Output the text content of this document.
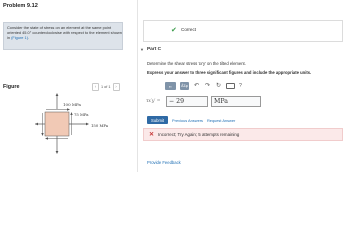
Problem 9.12
Consider the state of stress on an element at the same point oriented 45.0° counterclockwise with respect to the element shown in (Figure 1).
Figure	‹	1 of 1	›
100 MPa
75 MPa
150 MPa
✔ Correct
▼ Part C
Determine the shear stress τx′y′ on the tilted element.
Express your answer to three significant figures and include the appropriate units.
▪▫	ÅΣφ ↶ ↷ ↻	?
τx′y′ =	− 29	MPa
Submit	Previous Answers Request Answer
✕ Incorrect; Try Again; 5 attempts remaining
Provide Feedback
